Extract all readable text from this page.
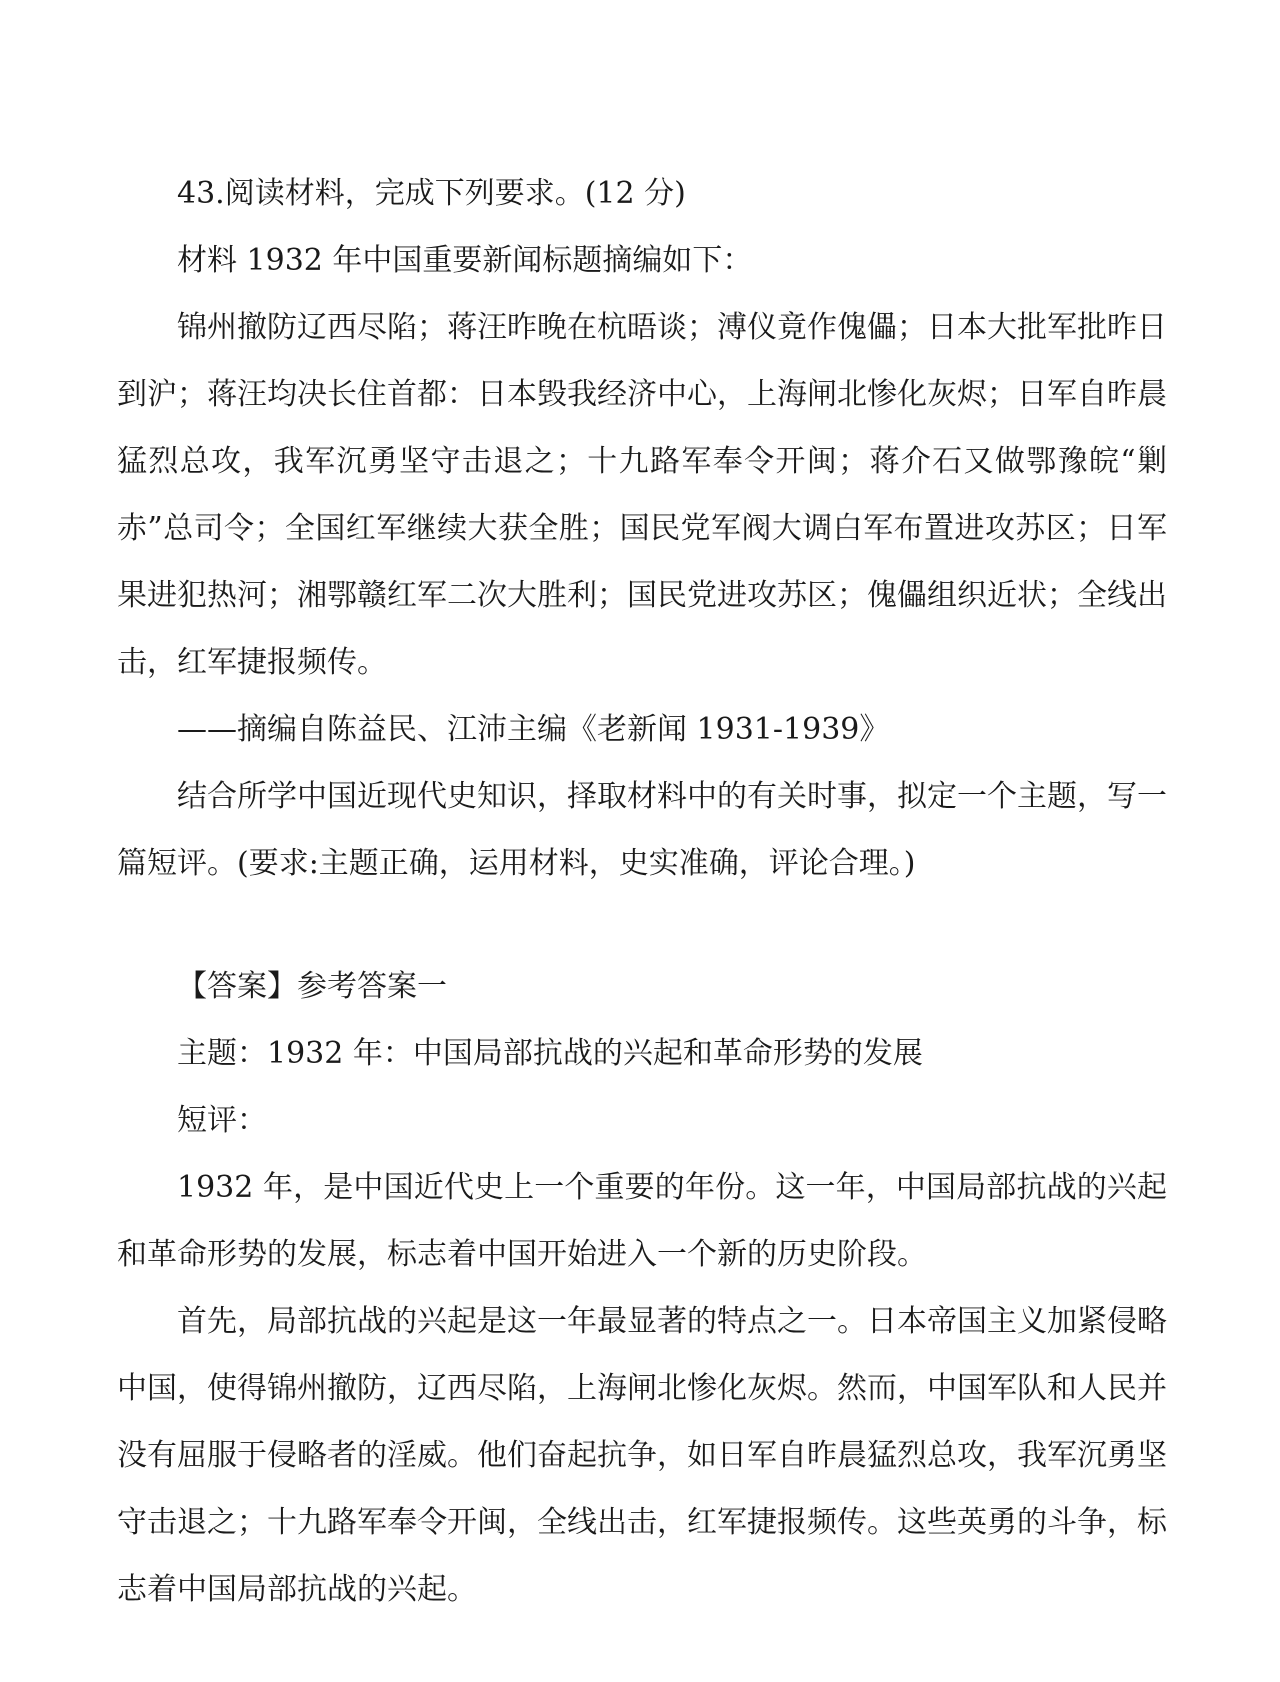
43.阅读材料，完成下列要求。(12 分)

材料 1932 年中国重要新闻标题摘编如下：

锦州撤防辽西尽陷；蒋汪昨晚在杭晤谈；溥仪竟作傀儡；日本大批军批昨日到沪；蒋汪均决长住首都：日本毁我经济中心，上海闸北惨化灰烬；日军自昨晨猛烈总攻，我军沉勇坚守击退之；十九路军奉令开闽；蒋介石又做鄂豫皖“剿赤”总司令；全国红军继续大获全胜；国民党军阀大调白军布置进攻苏区；日军果进犯热河；湘鄂赣红军二次大胜利；国民党进攻苏区；傀儡组织近状；全线出击，红军捷报频传。

——摘编自陈益民、江沛主编《老新闻 1931-1939》

结合所学中国近现代史知识，择取材料中的有关时事，拟定一个主题，写一篇短评。(要求:主题正确，运用材料，史实准确，评论合理。)

【答案】参考答案一

主题：1932 年：中国局部抗战的兴起和革命形势的发展

短评：

1932 年，是中国近代史上一个重要的年份。这一年，中国局部抗战的兴起和革命形势的发展，标志着中国开始进入一个新的历史阶段。

首先，局部抗战的兴起是这一年最显著的特点之一。日本帝国主义加紧侵略中国，使得锦州撤防，辽西尽陷，上海闸北惨化灰烬。然而，中国军队和人民并没有屈服于侵略者的淫威。他们奋起抗争，如日军自昨晨猛烈总攻，我军沉勇坚守击退之；十九路军奉令开闽，全线出击，红军捷报频传。这些英勇的斗争，标志着中国局部抗战的兴起。
